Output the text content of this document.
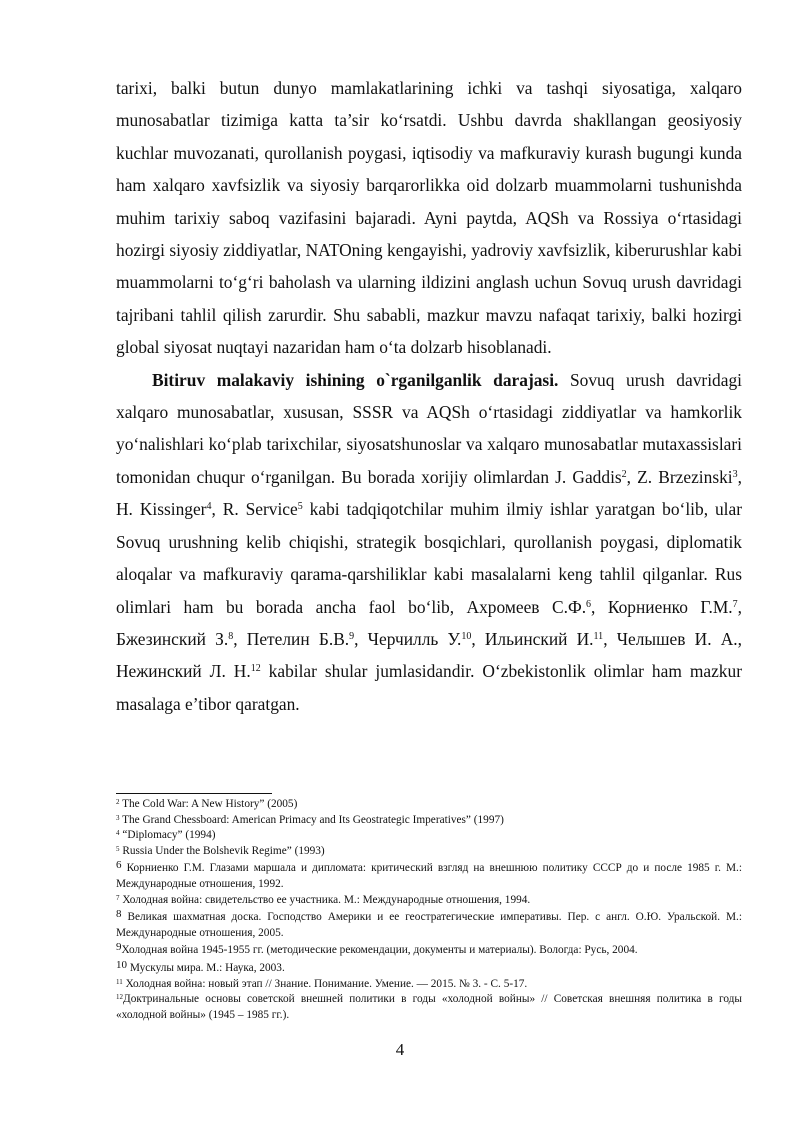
tarixi, balki butun dunyo mamlakatlarining ichki va tashqi siyosatiga, xalqaro munosabatlar tizimiga katta ta’sir ko‘rsatdi. Ushbu davrda shakllangan geosiyosiy kuchlar muvozanati, qurollanish poygasi, iqtisodiy va mafkuraviy kurash bugungi kunda ham xalqaro xavfsizlik va siyosiy barqarorlikka oid dolzarb muammolarni tushunishda muhim tarixiy saboq vazifasini bajaradi. Ayni paytda, AQSh va Rossiya o‘rtasidagi hozirgi siyosiy ziddiyatlar, NATOning kengayishi, yadroviy xavfsizlik, kiberurushlar kabi muammolarni to‘g‘ri baholash va ularning ildizini anglash uchun Sovuq urush davridagi tajribani tahlil qilish zarurdir. Shu sababli, mazkur mavzu nafaqat tarixiy, balki hozirgi global siyosat nuqtayi nazaridan ham o‘ta dolzarb hisoblanadi.

Bitiruv malakaviy ishining o`rganilganlik darajasi. Sovuq urush davridagi xalqaro munosabatlar, xususan, SSSR va AQSh o‘rtasidagi ziddiyatlar va hamkorlik yo‘nalishlari ko‘plab tarixchilar, siyosatshunoslar va xalqaro munosabatlar mutaxassislari tomonidan chuqur o‘rganilgan. Bu borada xorijiy olimlardan J. Gaddis$^2$, Z. Brzezinski$^3$, H. Kissinger$^4$, R. Service$^5$ kabi tadqiqotchilar muhim ilmiy ishlar yaratgan bo‘lib, ular Sovuq urushning kelib chiqishi, strategik bosqichlari, qurollanish poygasi, diplomatik aloqalar va mafkuraviy qarama-qarshiliklar kabi masalalarni keng tahlil qilganlar. Rus olimlari ham bu borada ancha faol bo‘lib, Ахромеев С.Ф.$^6$, Корниенко Г.М.$^7$, Бжезинский З.$^8$, Петелин Б.В.$^9$, Черчилль У.$^{10}$, Ильинский И.$^{11}$, Челышев И. А., Нежинский Л. Н.$^{12}$ kabilar shular jumlasidandir. O‘zbekistonlik olimlar ham mazkur masalaga e’tibor qaratgan.

$^2$ The Cold War: A New History” (2005)

$^3$ The Grand Chessboard: American Primacy and Its Geostrategic Imperatives” (1997)

$^4$ “Diplomacy” (1994)

$^5$ Russia Under the Bolshevik Regime” (1993)

6 Корниенко Г.М. Глазами маршала и дипломата: критический взгляд на внешнюю политику СССР до и после 1985 г. М.: Международные отношения, 1992.

$^7$ Холодная война: свидетельство ее участника. М.: Международные отношения, 1994.

8 Великая шахматная доска. Господство Америки и ее геостратегические императивы. Пер. с англ. О.Ю. Уральской. М.: Международные отношения, 2005.

9Холодная война 1945-1955 гг. (методические рекомендации, документы и материалы). Вологда: Русь, 2004.

10 Мускулы мира. М.: Наука, 2003.

$^{11}$ Холодная война: новый этап // Знание. Понимание. Умение. — 2015. № 3. - С. 5-17.

$^{12}$Доктринальные основы советской внешней политики в годы «холодной войны» // Советская внешняя политика в годы «холодной войны» (1945 – 1985 гг.).

4
